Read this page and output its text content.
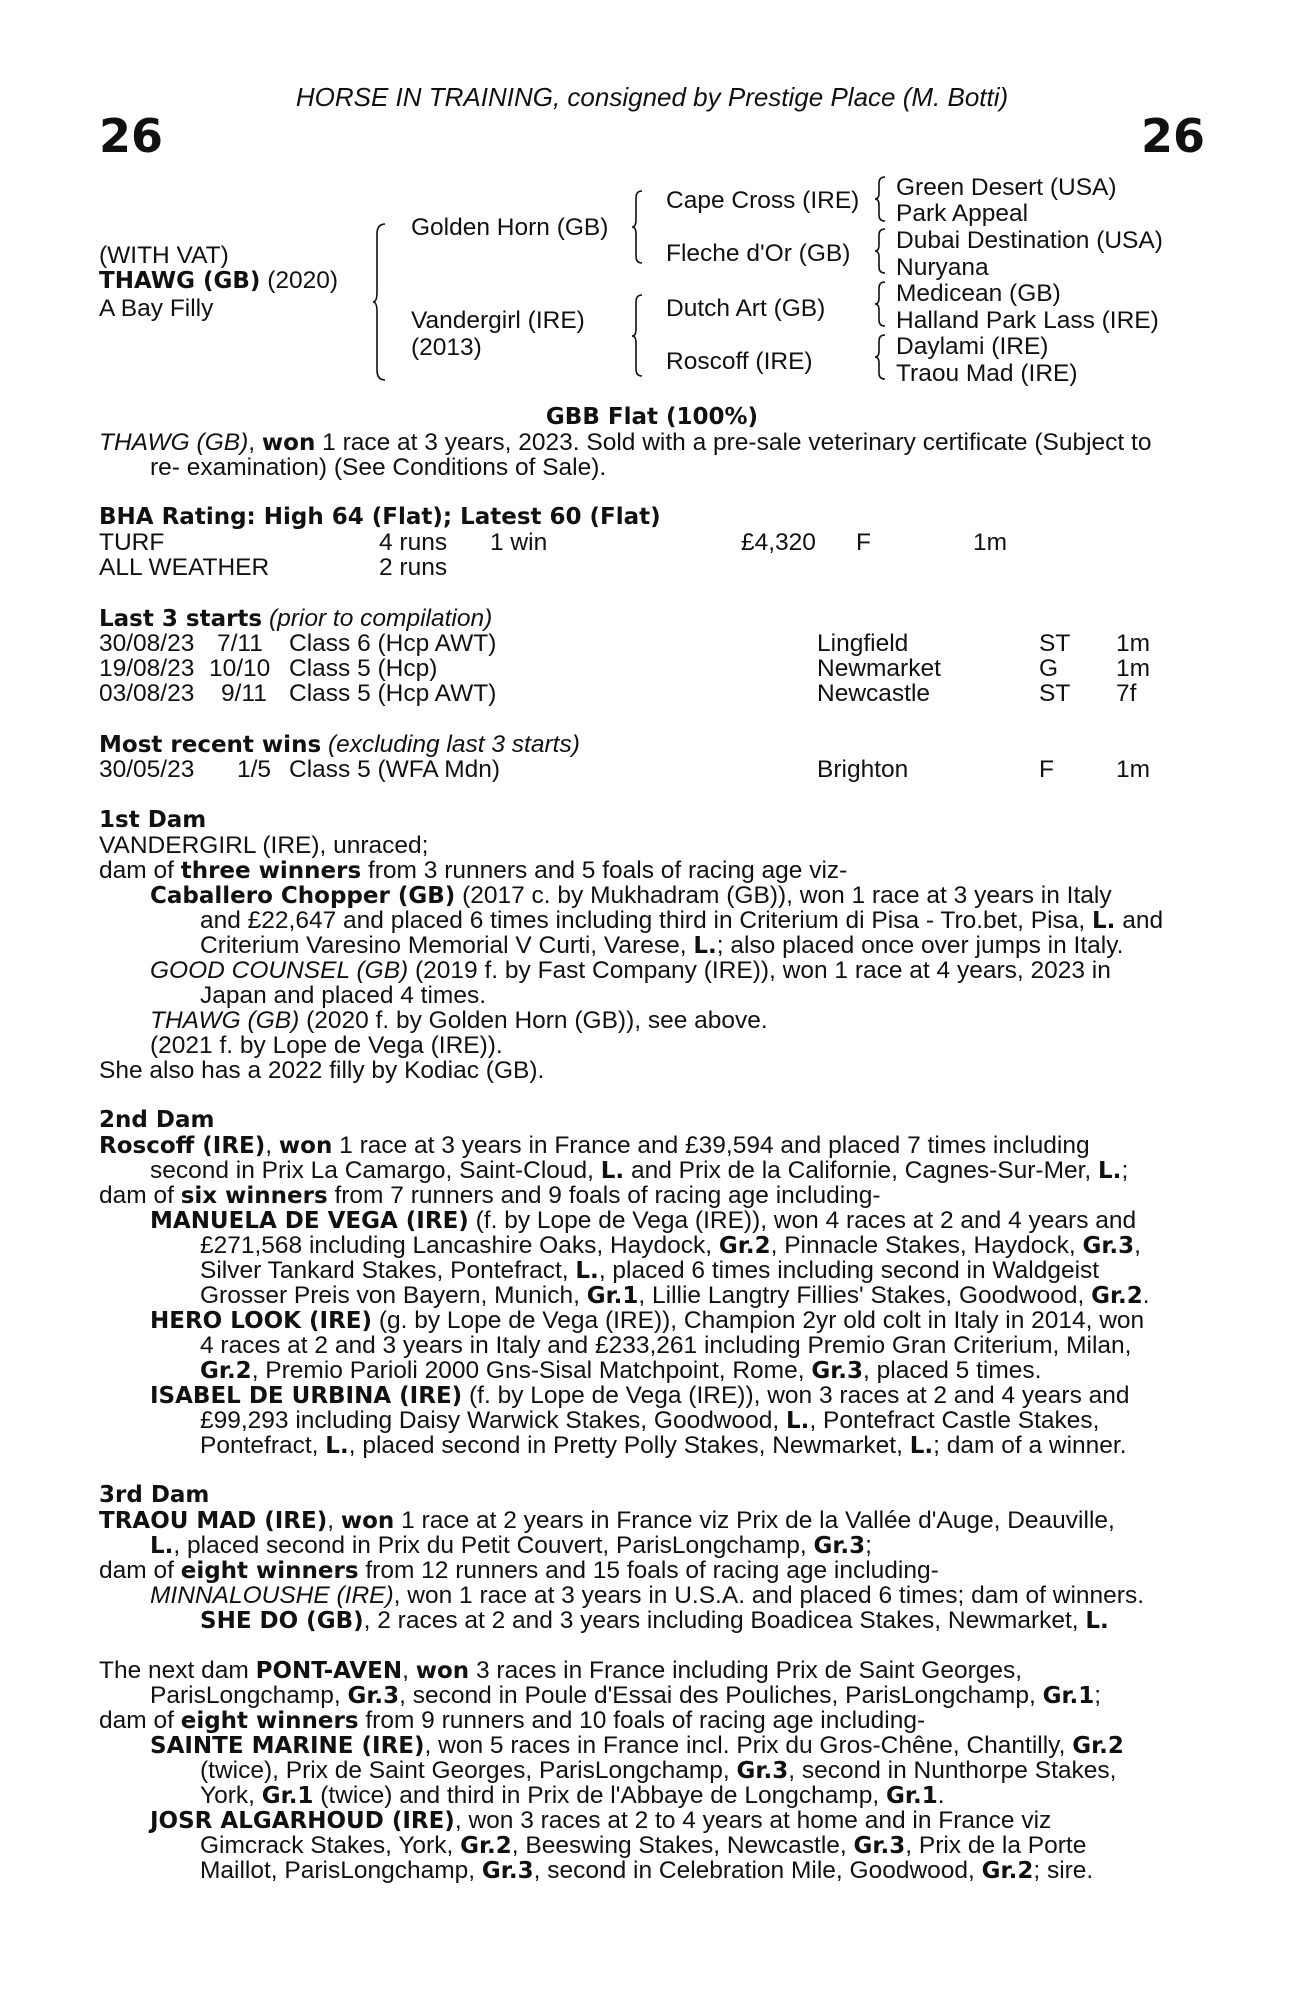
HORSE IN TRAINING, consigned by Prestige Place (M. Botti)
26	26
(WITH VAT)
THAWG (GB) (2020)
A Bay Filly
Golden Horn (GB)
Vandergirl (IRE)
(2013)
Cape Cross (IRE)
Fleche d'Or (GB)
Dutch Art (GB)
Roscoff (IRE)
Green Desert (USA)
Park Appeal
Dubai Destination (USA)
Nuryana
Medicean (GB)
Halland Park Lass (IRE)
Daylami (IRE)
Traou Mad (IRE)
GBB Flat (100%)
THAWG (GB), won 1 race at 3 years, 2023. Sold with a pre-sale veterinary certificate (Subject to
re- examination) (See Conditions of Sale).
BHA Rating: High 64 (Flat); Latest 60 (Flat)
TURF	4 runs 1 win	£4,320 F	1m
ALL WEATHER	2 runs
Last 3 starts (prior to compilation)
30/08/23 7/11 Class 6 (Hcp AWT)	Lingfield	ST 1m
19/08/23 10/10 Class 5 (Hcp)	Newmarket	G 1m
03/08/23 9/11 Class 5 (Hcp AWT)	Newcastle	ST 7f
Most recent wins (excluding last 3 starts)
30/05/23 1/5 Class 5 (WFA Mdn)	Brighton	F	1m
1st Dam
VANDERGIRL (IRE), unraced;
dam of three winners from 3 runners and 5 foals of racing age viz-
Caballero Chopper (GB) (2017 c. by Mukhadram (GB)), won 1 race at 3 years in Italy
and £22,647 and placed 6 times including third in Criterium di Pisa - Tro.bet, Pisa, L. and
Criterium Varesino Memorial V Curti, Varese, L.; also placed once over jumps in Italy.
GOOD COUNSEL (GB) (2019 f. by Fast Company (IRE)), won 1 race at 4 years, 2023 in
Japan and placed 4 times.
THAWG (GB) (2020 f. by Golden Horn (GB)), see above.
(2021 f. by Lope de Vega (IRE)).
She also has a 2022 filly by Kodiac (GB).
2nd Dam
Roscoff (IRE), won 1 race at 3 years in France and £39,594 and placed 7 times including
second in Prix La Camargo, Saint-Cloud, L. and Prix de la Californie, Cagnes-Sur-Mer, L.;
dam of six winners from 7 runners and 9 foals of racing age including-
MANUELA DE VEGA (IRE) (f. by Lope de Vega (IRE)), won 4 races at 2 and 4 years and
£271,568 including Lancashire Oaks, Haydock, Gr.2, Pinnacle Stakes, Haydock, Gr.3,
Silver Tankard Stakes, Pontefract, L., placed 6 times including second in Waldgeist
Grosser Preis von Bayern, Munich, Gr.1, Lillie Langtry Fillies' Stakes, Goodwood, Gr.2.
HERO LOOK (IRE) (g. by Lope de Vega (IRE)), Champion 2yr old colt in Italy in 2014, won
4 races at 2 and 3 years in Italy and £233,261 including Premio Gran Criterium, Milan,
Gr.2, Premio Parioli 2000 Gns-Sisal Matchpoint, Rome, Gr.3, placed 5 times.
ISABEL DE URBINA (IRE) (f. by Lope de Vega (IRE)), won 3 races at 2 and 4 years and
£99,293 including Daisy Warwick Stakes, Goodwood, L., Pontefract Castle Stakes,
Pontefract, L., placed second in Pretty Polly Stakes, Newmarket, L.; dam of a winner.
3rd Dam
TRAOU MAD (IRE), won 1 race at 2 years in France viz Prix de la Vallée d'Auge, Deauville,
L., placed second in Prix du Petit Couvert, ParisLongchamp, Gr.3;
dam of eight winners from 12 runners and 15 foals of racing age including-
MINNALOUSHE (IRE), won 1 race at 3 years in U.S.A. and placed 6 times; dam of winners.
SHE DO (GB), 2 races at 2 and 3 years including Boadicea Stakes, Newmarket, L.
The next dam PONT-AVEN, won 3 races in France including Prix de Saint Georges,
ParisLongchamp, Gr.3, second in Poule d'Essai des Pouliches, ParisLongchamp, Gr.1;
dam of eight winners from 9 runners and 10 foals of racing age including-
SAINTE MARINE (IRE), won 5 races in France incl. Prix du Gros-Chêne, Chantilly, Gr.2
(twice), Prix de Saint Georges, ParisLongchamp, Gr.3, second in Nunthorpe Stakes,
York, Gr.1 (twice) and third in Prix de l'Abbaye de Longchamp, Gr.1.
JOSR ALGARHOUD (IRE), won 3 races at 2 to 4 years at home and in France viz
Gimcrack Stakes, York, Gr.2, Beeswing Stakes, Newcastle, Gr.3, Prix de la Porte
Maillot, ParisLongchamp, Gr.3, second in Celebration Mile, Goodwood, Gr.2; sire.
